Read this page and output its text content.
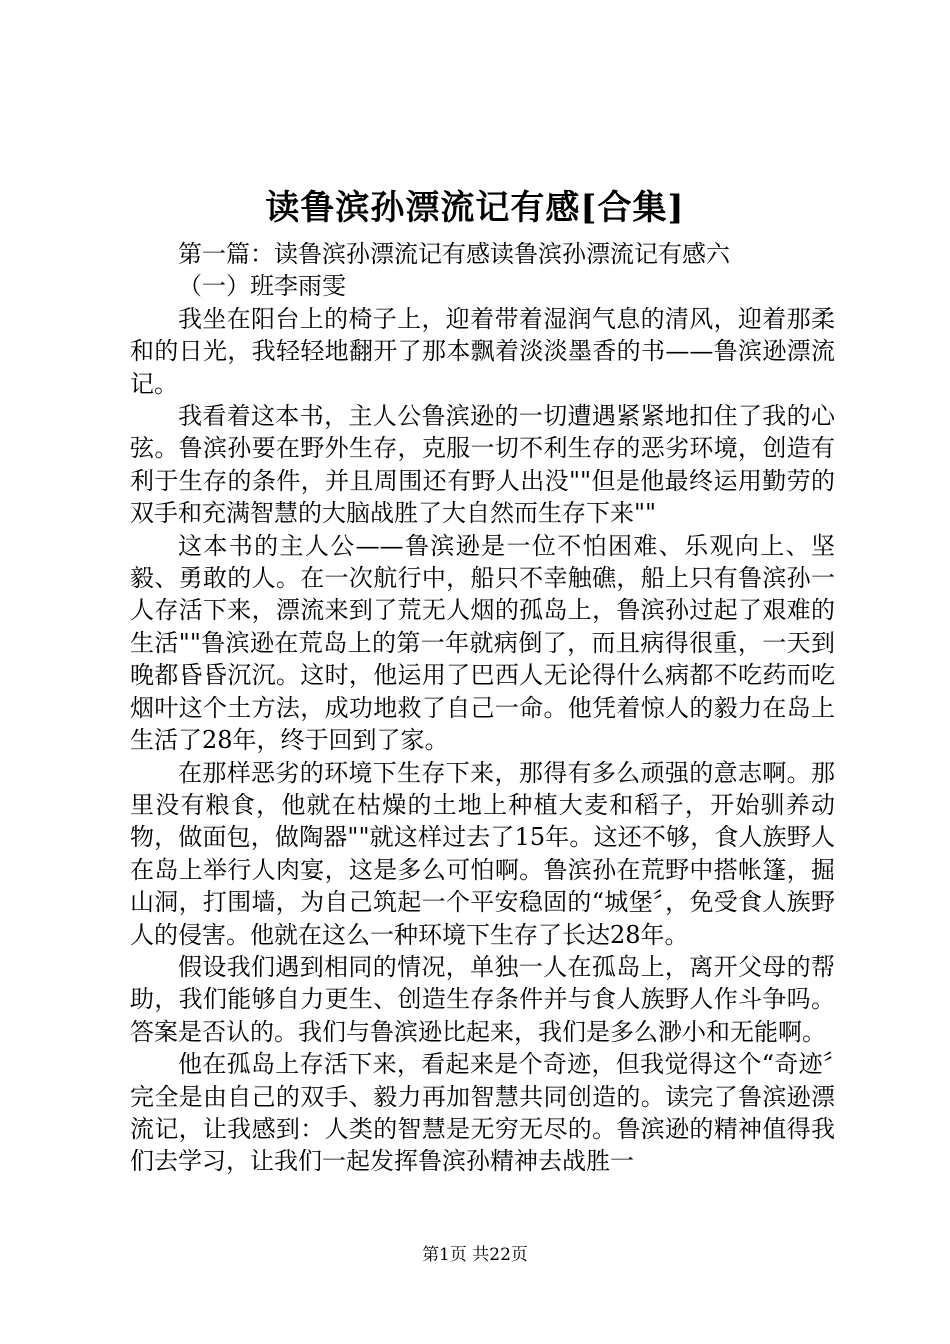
读鲁滨孙漂流记有感[合集]

第一篇：读鲁滨孙漂流记有感读鲁滨孙漂流记有感六

（一）班李雨雯

我坐在阳台上的椅子上，迎着带着湿润气息的清风，迎着那柔和的日光，我轻轻地翻开了那本飘着淡淡墨香的书——鲁滨逊漂流记。

我看着这本书，主人公鲁滨逊的一切遭遇紧紧地扣住了我的心弦。鲁滨孙要在野外生存，克服一切不利生存的恶劣环境，创造有利于生存的条件，并且周围还有野人出没""但是他最终运用勤劳的双手和充满智慧的大脑战胜了大自然而生存下来""

这本书的主人公——鲁滨逊是一位不怕困难、乐观向上、坚毅、勇敢的人。在一次航行中，船只不幸触礁，船上只有鲁滨孙一人存活下来，漂流来到了荒无人烟的孤岛上，鲁滨孙过起了艰难的生活""鲁滨逊在荒岛上的第一年就病倒了，而且病得很重，一天到晚都昏昏沉沉。这时，他运用了巴西人无论得什么病都不吃药而吃烟叶这个土方法，成功地救了自己一命。他凭着惊人的毅力在岛上生活了28年，终于回到了家。

在那样恶劣的环境下生存下来，那得有多么顽强的意志啊。那里没有粮食，他就在枯燥的土地上种植大麦和稻子，开始驯养动物，做面包，做陶器""就这样过去了15年。这还不够，食人族野人在岛上举行人肉宴，这是多么可怕啊。鲁滨孙在荒野中搭帐篷，掘山洞，打围墙，为自己筑起一个平安稳固的“城堡〞，免受食人族野人的侵害。他就在这么一种环境下生存了长达28年。

假设我们遇到相同的情况，单独一人在孤岛上，离开父母的帮助，我们能够自力更生、创造生存条件并与食人族野人作斗争吗。答案是否认的。我们与鲁滨逊比起来，我们是多么渺小和无能啊。

他在孤岛上存活下来，看起来是个奇迹，但我觉得这个“奇迹〞完全是由自己的双手、毅力再加智慧共同创造的。读完了鲁滨逊漂流记，让我感到：人类的智慧是无穷无尽的。鲁滨逊的精神值得我们去学习，让我们一起发挥鲁滨孙精神去战胜一

第1页 共22页
